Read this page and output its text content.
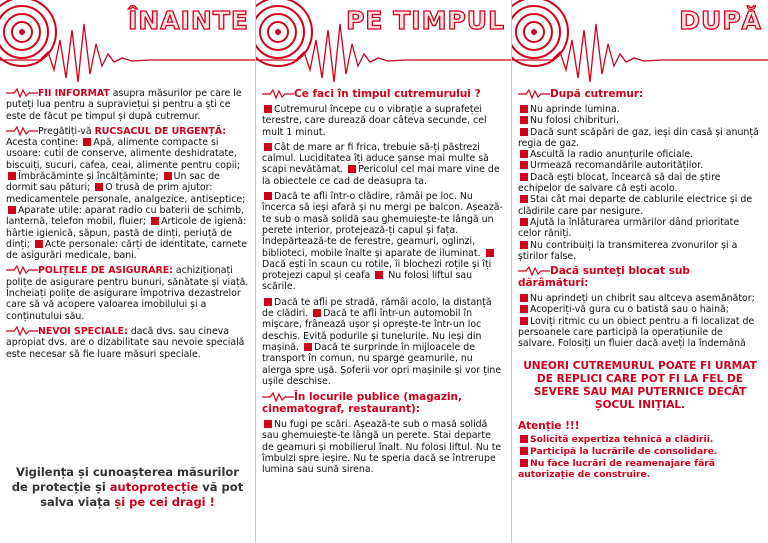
ÎNAINTE

FII INFORMAT asupra măsurilor pe care le puteți lua pentru a supraviețui și pentru a ști ce este de făcut pe timpul și după cutremur.

Pregătiți-vă RUCSACUL DE URGENȚĂ:
Acesta conține: Apă, alimente compacte si usoare: cutii de conserve, alimente deshidratate, biscuiți, sucuri, cafea, ceai, alimente pentru copii; Îmbrăcăminte și încălțăminte; Un sac de dormit sau pături; O trusă de prim ajutor: medicamentele personale, analgezice, antiseptice; Aparate utile: aparat radio cu baterii de schimb, lanternă, telefon mobil, fluier; Articole de igienă: hârtie igienică, săpun, pastă de dinți, periuță de dinți; Acte personale: cărți de identitate, carnete de asigurări medicale, bani.

POLIȚELE DE ASIGURARE: achiziționați polițe de asigurare pentru bunuri, sănătate și viață. Încheiați polițe de asigurare împotriva dezastrelor care să vă acopere valoarea imobilului și a conținutului său.

NEVOI SPECIALE: dacă dvs. sau cineva apropiat dvs. are o dizabilitate sau nevoie specială este necesar să fie luare măsuri speciale.

Vigilența și cunoașterea măsurilor de protecție și autoprotecție vă pot salva viața și pe cei dragi !
PE TIMPUL
Ce faci în timpul cutremurului ?

Cutremurul începe cu o vibrație a suprafeței terestre, care durează doar câteva secunde, cel mult 1 minut.

Cât de mare ar fi frica, trebuie să-ți păstrezi calmul. Luciditatea îți aduce șanse mai multe să scapi nevătămat. Pericolul cel mai mare vine de la obiectele ce cad de deasupra ta.

Dacă te afli într-o clădire, rămâi pe loc. Nu încerca să ieși afară și nu mergi pe balcon. Așează-te sub o masă solidă sau ghemuiește-te lângă un perete interior, protejează-ți capul și fața. Îndepărtează-te de ferestre, geamuri, oglinzi, biblioteci, mobile înalte și aparate de iluminat. Dacă ești în scaun cu rotile, îi blochezi roțile și îți protejezi capul și ceafa Nu folosi liftul sau scările.

Dacă te afli pe stradă, rămâi acolo, la distanță de clădiri. Dacă te afli într-un automobil în mișcare, frânează ușor și oprește-te într-un loc deschis. Evită podurile și tunelurile. Nu ieși din mașină. Dacă te surprinde în mijloacele de transport în comun, nu sparge geamurile, nu alerga spre ușă. Șoferii vor opri mașinile și vor ține ușile deschise.

În locurile publice (magazin, cinematograf, restaurant):

Nu fugi pe scări. Așează-te sub o masă solidă sau ghemuiește-te lângă un perete. Stai departe de geamuri și mobilierul înalt. Nu folosi liftul. Nu te îmbulzi spre ieșire. Nu te speria dacă se întrerupe lumina sau sună sirena.

DUPĂ
După cutremur:

Nu aprinde lumina.
Nu folosi chibrituri.
Dacă sunt scăpări de gaz, ieși din casă și anunță regia de gaz.
Ascultă la radio anunțurile oficiale.
Urmează recomandările autorităților.
Dacă ești blocat, încearcă să dai de știre echipelor de salvare că ești acolo.
Stai cât mai departe de cablurile electrice și de clădirile care par nesigure.
Ajută la înlăturarea urmărilor dând prioritate celor răniți.
Nu contribuiți la transmiterea zvonurilor și a știrilor false.

Dacă sunteți blocat sub dărâmături:

Nu aprindeți un chibrit sau altceva asemănător;
Acoperiți-vă gura cu o batistă sau o haină;
Loviți ritmic cu un obiect pentru a fi localizat de persoanele care participă la operațiunile de salvare. Folosiți un fluier dacă aveți la îndemână

UNEORI CUTREMURUL POATE FI URMAT DE REPLICI CARE POT FI LA FEL DE SEVERE SAU MAI PUTERNICE DECÂT ȘOCUL INIȚIAL.
Atenție !!!
Solicită expertiza tehnică a clădirii.
Participă la lucrările de consolidare.
Nu face lucrări de reamenajare fără autorizație de construire.
